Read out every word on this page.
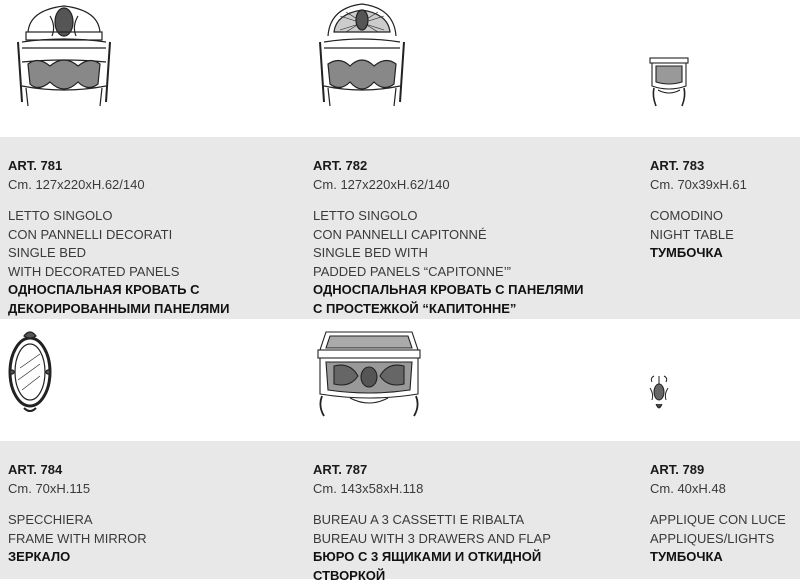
ART. 781

Cm. 127x220xH.62/140

LETTO SINGOLO

CON PANNELLI DECORATI

SINGLE BED

WITH DECORATED PANELS

ОДНОСПАЛЬНАЯ КРОВАТЬ С

ДЕКОРИРОВАННЫМИ ПАНЕЛЯМИ

ART. 782

Cm. 127x220xH.62/140

LETTO SINGOLO

CON PANNELLI CAPITONNÉ

SINGLE BED WITH

PADDED PANELS “CAPITONNE’”

ОДНОСПАЛЬНАЯ КРОВАТЬ С ПАНЕЛЯМИ

С ПРОСТЕЖКОЙ “КАПИТОННЕ”

ART. 783

Cm. 70x39xH.61

COMODINO

NIGHT TABLE

ТУМБОЧКА

ART. 784

Cm. 70xH.115

SPECCHIERA

FRAME WITH MIRROR

ЗЕРКАЛО

ART. 787

Cm. 143x58xH.118

BUREAU A 3 CASSETTI E RIBALTA

BUREAU WITH 3 DRAWERS AND FLAP

БЮРО С 3 ЯЩИКАМИ И ОТКИДНОЙ

СТВОРКОЙ

ART. 789

Cm. 40xH.48

APPLIQUE CON LUCE

APPLIQUES/LIGHTS

ТУМБОЧКА
